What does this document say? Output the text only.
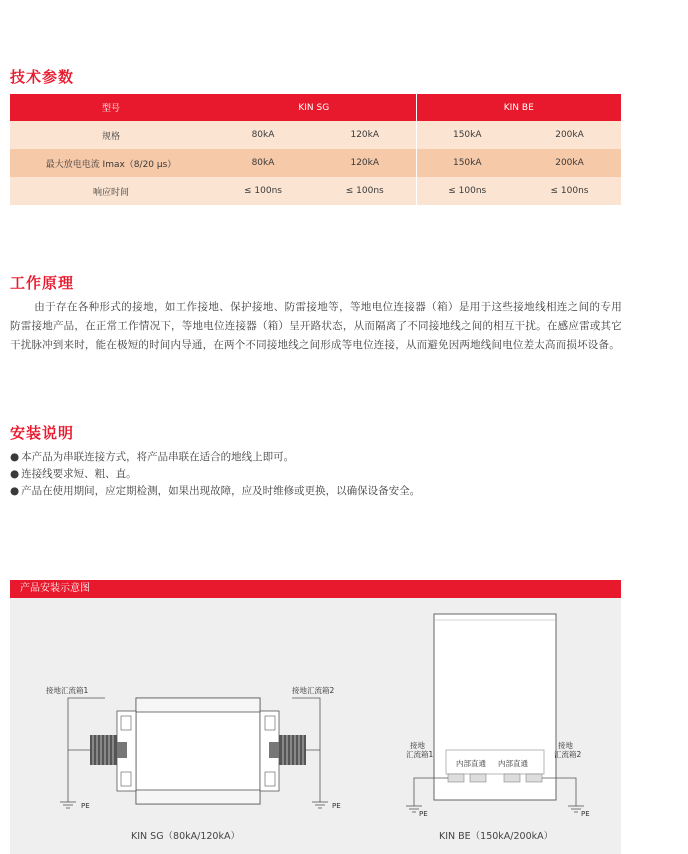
技术参数
型号	KIN SG		KIN BE	
规格	80kA	120kA	150kA	200kA
最大放电电流 Imax（8/20 μs）	80kA	120kA	150kA	200kA
响应时间	≤ 100ns	≤ 100ns	≤ 100ns	≤ 100ns
工作原理

由于存在各种形式的接地，如工作接地、保护接地、防雷接地等，等地电位连接器（箱）是用于这些接地线相连之间的专用防雷接地产品，在正常工作情况下，等地电位连接器（箱）呈开路状态，从而隔离了不同接地线之间的相互干扰。在感应雷或其它干扰脉冲到来时，能在极短的时间内导通，在两个不同接地线之间形成等电位连接，从而避免因两地线间电位差太高而损坏设备。

安装说明
● 本产品为串联连接方式，将产品串联在适合的地线上即可。
● 连接线要求短、粗、直。
● 产品在使用期间，应定期检测，如果出现故障，应及时维修或更换，以确保设备安全。
产品安装示意图
接地汇流箱1	接地汇流箱2
PE	PE
接地
汇流箱1
接地
汇流箱2
内部直通 内部直通
PE	PE
KIN SG（80kA/120kA）	KIN BE（150kA/200kA）
